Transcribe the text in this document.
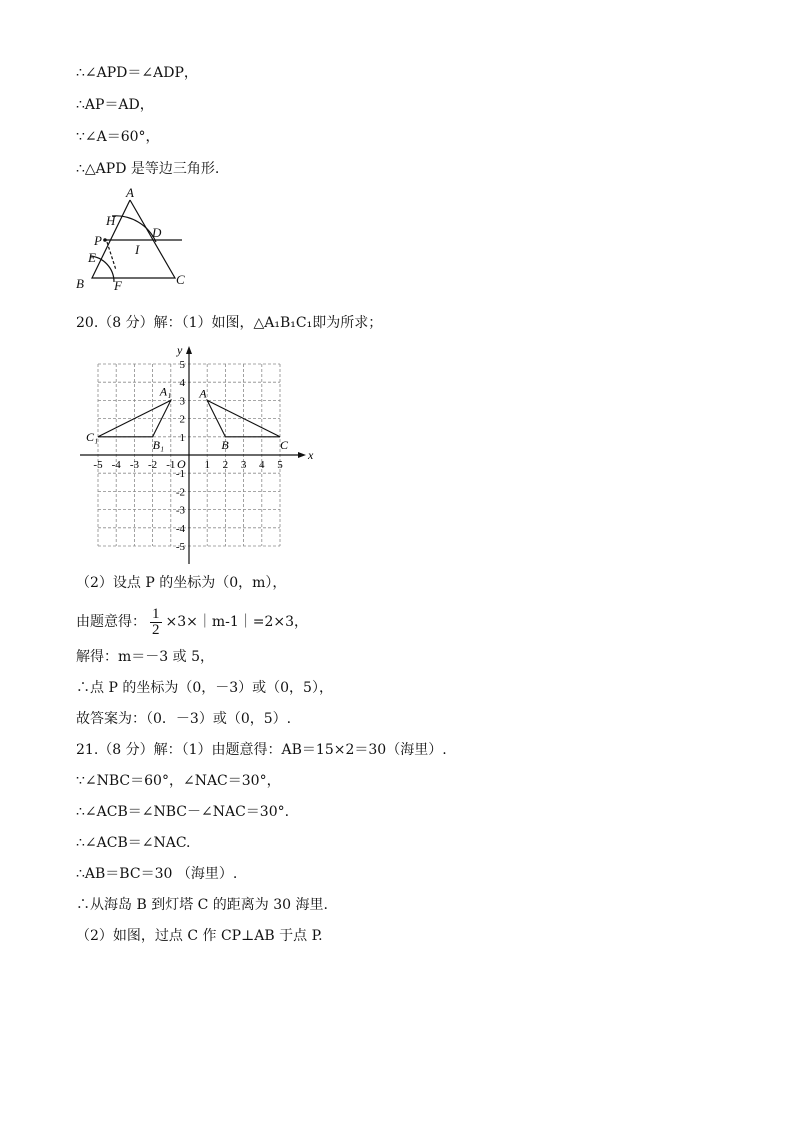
∴∠APD＝∠ADP，
∴AP＝AD，
∵∠A＝60°，
∴△APD 是等边三角形.
A
H
P
D
I
E
B F	C
20.（8 分）解：（1）如图，△A₁B₁C₁即为所求；
x
y
O
-5 -4 -3 -2 -1	1 2 3 4 5
5
4
3
2
1
-1
-2
-3
-4
-5
A
B	C
A₁
B₁
C₁
（2）设点 P 的坐标为（0，m），
由题意得： $\frac{1}{2}$ ×3×｜m-1｜=2×3，
解得：m＝－3 或 5，
∴点 P 的坐标为（0，－3）或（0，5），
故答案为：（0．－3）或（0，5）.
21.（8 分）解：（1）由题意得：AB＝15×2＝30（海里）.
∵∠NBC＝60°，∠NAC＝30°，
∴∠ACB＝∠NBC－∠NAC＝30°.
∴∠ACB＝∠NAC.
∴AB＝BC＝30 （海里）.
∴从海岛 B 到灯塔 C 的距离为 30 海里.
（2）如图，过点 C 作 CP⊥AB 于点 P.
